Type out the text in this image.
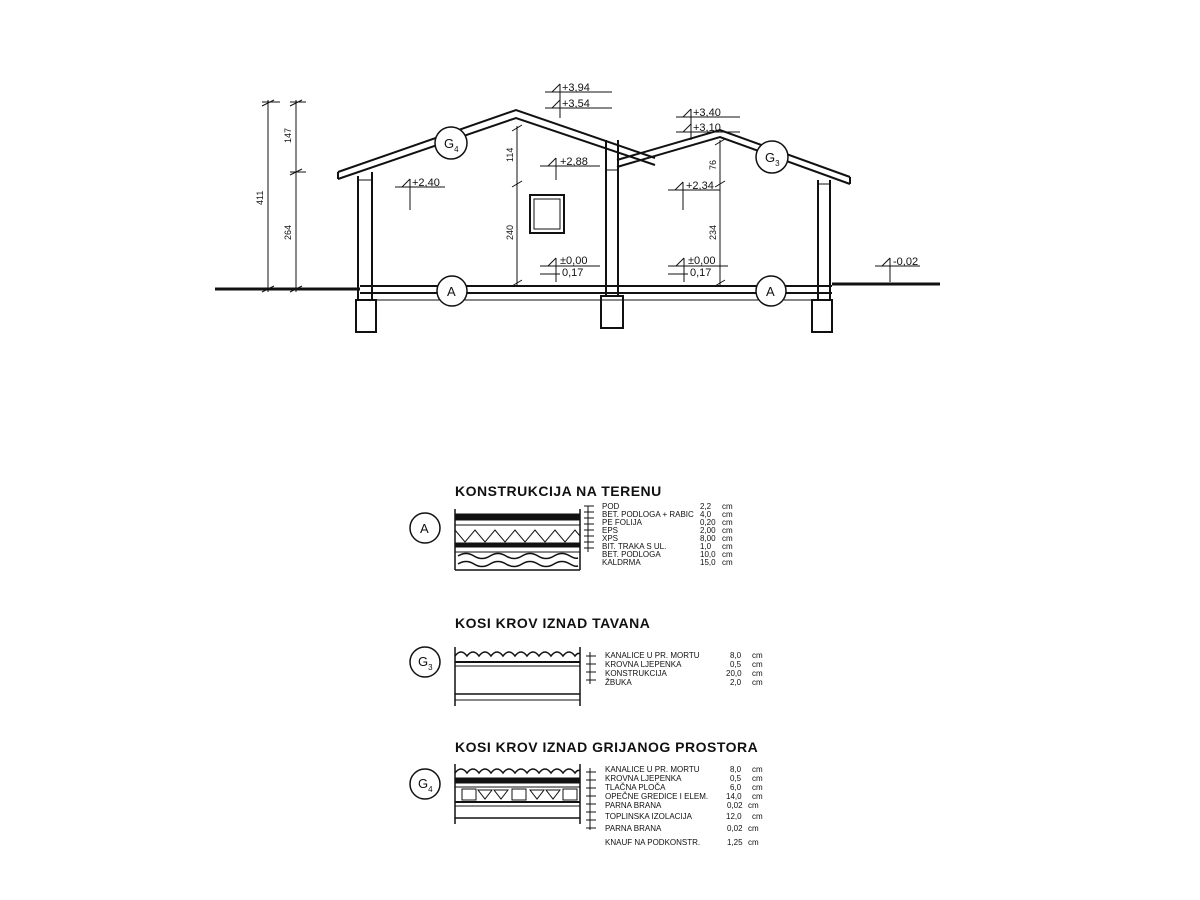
$G_4$
$G_3$
A	A
+3,94
+3,54
+3,40
+3,10
+2,88
+2,40	+2,34
±0,00
0,17
±0,00
0,17
-0,02
411
147
264
114
240
76
234
KONSTRUKCIJA NA TERENU
A
POD	2,2 cm
BET. PODLOGA + RABIC 4,0 cm
PE FOLIJA	0,20 cm
EPS	2,00 cm
XPS	8,00 cm
BIT. TRAKA S UL.	1,0 cm
BET. PODLOGA	10,0 cm
KALDRMA	15,0 cm
KOSI KROV IZNAD TAVANA
$G_3$
KANALICE U PR. MORTU	8,0 cm
KROVNA LJEPENKA	0,5 cm
KONSTRUKCIJA	20,0 cm
ŽBUKA	2,0 cm
KOSI KROV IZNAD GRIJANOG PROSTORA
$G_4$
KANALICE U PR. MORTU	8,0 cm
KROVNA LJEPENKA	0,5 cm
TLAČNA PLOČA	6,0 cm
OPEČNE GREDICE I ELEM. 14,0 cm
PARNA BRANA	0,02 cm
TOPLINSKA IZOLACIJA	12,0 cm
PARNA BRANA	0,02 cm
KNAUF NA PODKONSTR.	1,25 cm
